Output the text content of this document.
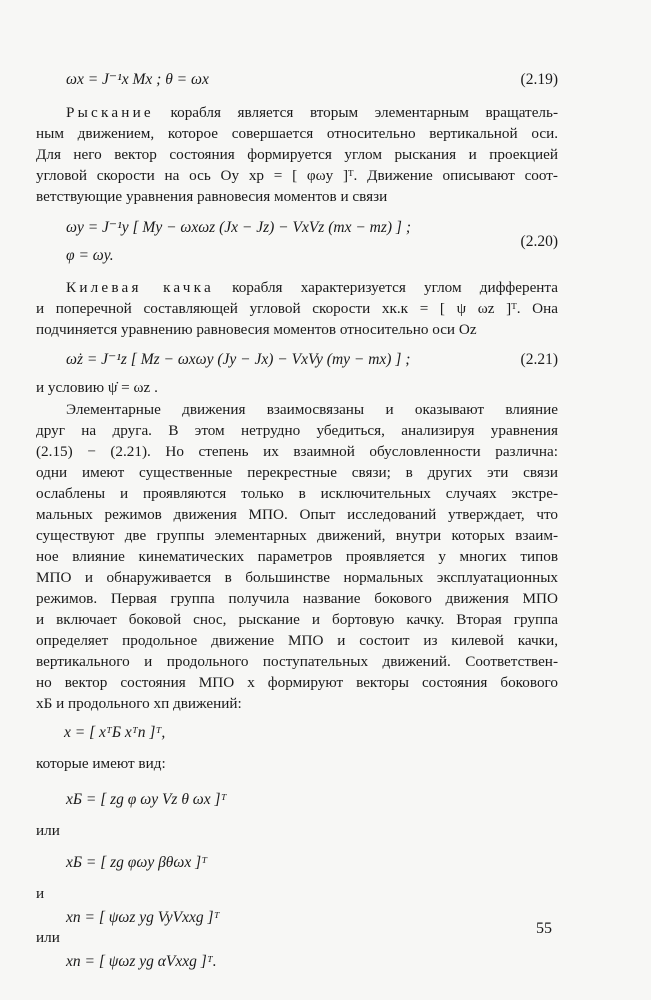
ωx = J⁻¹x Mx ; θ = ωx	(2.19)
Рыскание корабля является вторым элементарным вращатель-
ным движением, которое совершается относительно вертикальной оси.
Для него вектор состояния формируется углом рыскания и проекцией
угловой скорости на ось Oy xр = [ φωy ]ᵀ. Движение описывают соот-
ветствующие уравнения равновесия моментов и связи
ωy = J⁻¹y [ My − ωxωz (Jx − Jz) − VxVz (mx − mz) ] ;
φ = ωy.
(2.20)
Килевая качка корабля характеризуется углом дифферента
и поперечной составляющей угловой скорости xк.к = [ ψ ωz ]ᵀ. Она
подчиняется уравнению равновесия моментов относительно оси Oz
ω̇z = J⁻¹z [ Mz − ωxωy (Jy − Jx) − VxVy (my − mx) ] ;	(2.21)
и условию ψ̇ = ωz .
Элементарные движения взаимосвязаны и оказывают влияние
друг на друга. В этом нетрудно убедиться, анализируя уравнения
(2.15) − (2.21). Но степень их взаимной обусловленности различна:
одни имеют существенные перекрестные связи; в других эти связи
ослаблены и проявляются только в исключительных случаях экстре-
мальных режимов движения МПО. Опыт исследований утверждает, что
существуют две группы элементарных движений, внутри которых взаим-
ное влияние кинематических параметров проявляется у многих типов
МПО и обнаруживается в большинстве нормальных эксплуатационных
режимов. Первая группа получила название бокового движения МПО
и включает боковой снос, рыскание и бортовую качку. Вторая группа
определяет продольное движение МПО и состоит из килевой качки,
вертикального и продольного поступательных движений. Соответствен-
но вектор состояния МПО x формируют векторы состояния бокового
xБ и продольного xп движений:
x = [ xᵀБ xᵀп ]ᵀ,
которые имеют вид:
xБ = [ zg φ ωy Vz θ ωx ]ᵀ
или
xБ = [ zg φωy βθωx ]ᵀ
и
xп = [ ψωz yg VyVxxg ]ᵀ
или
xп = [ ψωz yg αVxxg ]ᵀ.
55
